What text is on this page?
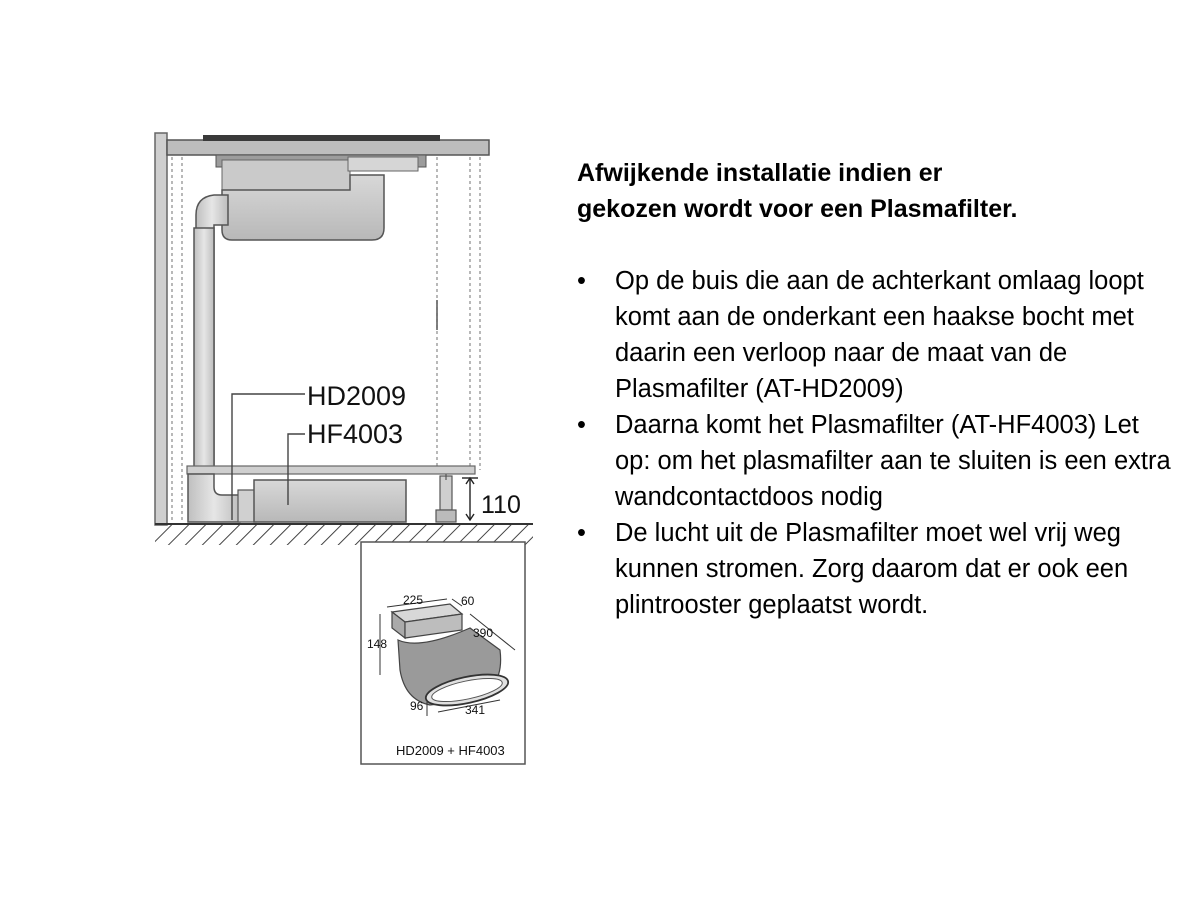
110
HD2009
HF4003
225	60
148
390
96	341
HD2009 + HF4003
Afwijkende installatie indien er
gekozen wordt voor een Plasmafilter.
• Op de buis die aan de achterkant omlaag loopt komt aan de onderkant een haakse bocht met daarin een verloop naar de maat van de Plasmafilter (AT-HD2009)
• Daarna komt het Plasmafilter (AT-HF4003) Let op: om het plasmafilter aan te sluiten is een extra wandcontactdoos nodig
• De lucht uit de Plasmafilter moet wel vrij weg kunnen stromen. Zorg daarom dat er ook een plintrooster geplaatst wordt.
